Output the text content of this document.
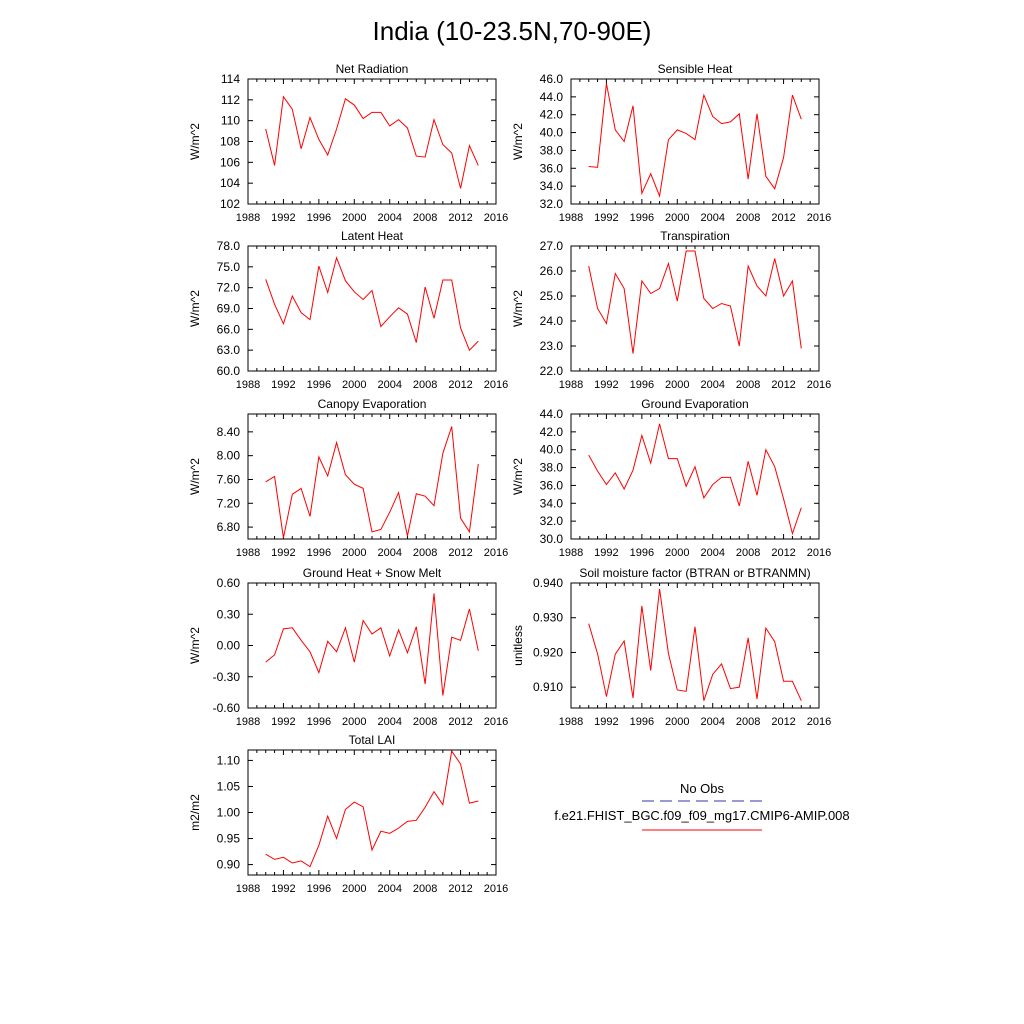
India (10-23.5N,70-90E)
Net Radiation
W/m^2
1988 1992 1996 2000 2004 2008 2012 2016
102
104
106
108
110
112
114
Sensible Heat
W/m^2
1988 1992 1996 2000 2004 2008 2012 2016
32.0
34.0
36.0
38.0
40.0
42.0
44.0
46.0
Latent Heat
W/m^2
1988 1992 1996 2000 2004 2008 2012 2016
60.0
63.0
66.0
69.0
72.0
75.0
78.0
Transpiration
W/m^2
1988 1992 1996 2000 2004 2008 2012 2016
22.0
23.0
24.0
25.0
26.0
27.0
Canopy Evaporation
W/m^2
1988 1992 1996 2000 2004 2008 2012 2016
6.80
7.20
7.60
8.00
8.40
Ground Evaporation
W/m^2
1988 1992 1996 2000 2004 2008 2012 2016
30.0
32.0
34.0
36.0
38.0
40.0
42.0
44.0
Ground Heat + Snow Melt
W/m^2
1988 1992 1996 2000 2004 2008 2012 2016
-0.60
-0.30
0.00
0.30
0.60
Soil moisture factor (BTRAN or BTRANMN)
unitless
1988 1992 1996 2000 2004 2008 2012 2016
0.910
0.920
0.930
0.940
Total LAI
m2/m2
1988 1992 1996 2000 2004 2008 2012 2016
0.90
0.95
1.00
1.05
1.10
No Obs
f.e21.FHIST_BGC.f09_f09_mg17.CMIP6-AMIP.008
